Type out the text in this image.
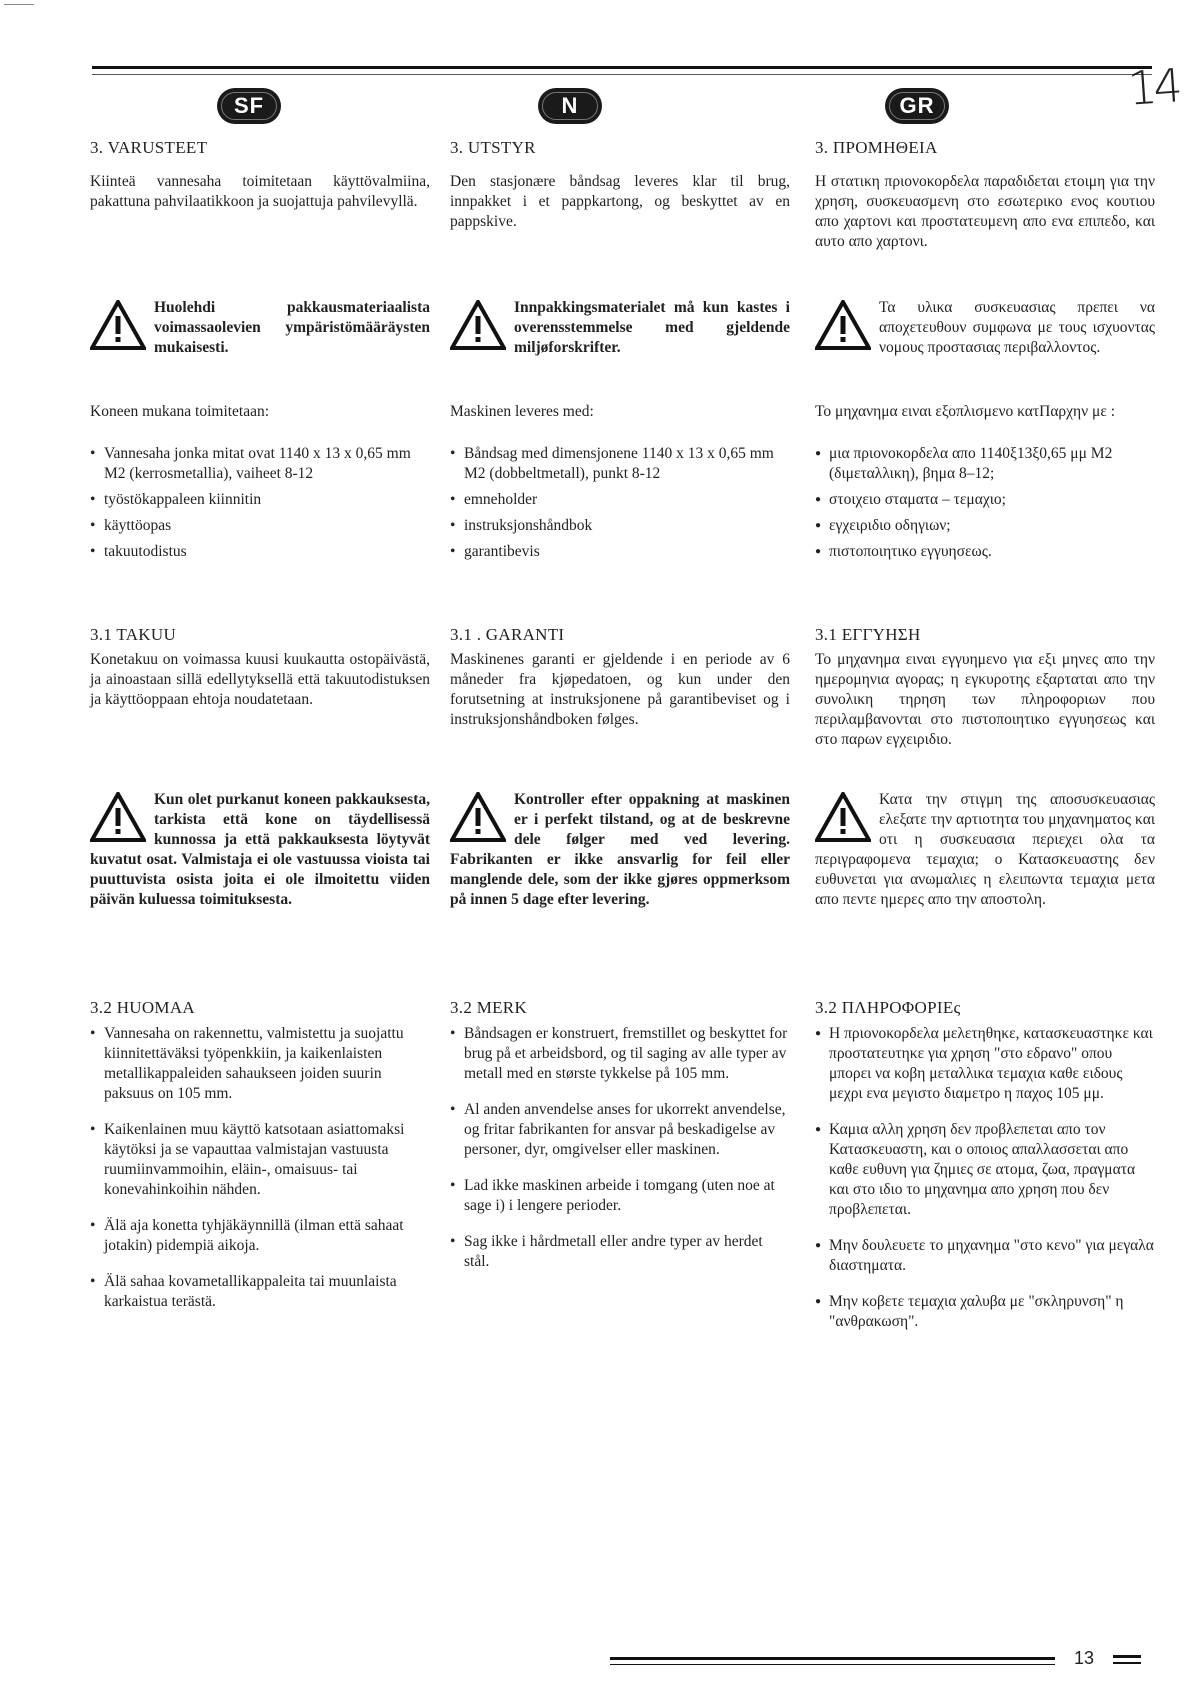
14
SF	N	GR
3. VARUSTEET

Kiinteä vannesaha toimitetaan käyttövalmiina, pakattuna pahvilaatikkoon ja suojattuja pahvilevyllä.

Huolehdi pakkausmateriaalista voimassaolevien ympäristömääräysten mukaisesti.

Koneen mukana toimitetaan:
• Vannesaha jonka mitat ovat 1140 x 13 x 0,65 mm M2 (kerrosmetallia), vaiheet 8-12
• työstökappaleen kiinnitin
• käyttöopas
• takuutodistus
3.1 TAKUU

Konetakuu on voimassa kuusi kuukautta ostopäivästä, ja ainoastaan sillä edellytyksellä että takuutodistuksen ja käyttöoppaan ehtoja noudatetaan.

Kun olet purkanut koneen pakkauksesta, tarkista että kone on täydellisessä kunnossa ja että pakkauksesta löytyvät kuvatut osat. Valmistaja ei ole vastuussa vioista tai puuttuvista osista joita ei ole ilmoitettu viiden päivän kuluessa toimituksesta.

3.2 HUOMAA
• Vannesaha on rakennettu, valmistettu ja suojattu kiinnitettäväksi työpenkkiin, ja kaikenlaisten metallikappaleiden sahaukseen joiden suurin paksuus on 105 mm.
• Kaikenlainen muu käyttö katsotaan asiattomaksi käytöksi ja se vapauttaa valmistajan vastuusta ruumiinvammoihin, eläin-, omaisuus- tai konevahinkoihin nähden.
• Älä aja konetta tyhjäkäynnillä (ilman että sahaat jotakin) pidempiä aikoja.
• Älä sahaa kovametallikappaleita tai muunlaista karkaistua terästä.
3. UTSTYR

Den stasjonære båndsag leveres klar til brug, innpakket i et pappkartong, og beskyttet av en pappskive.

Innpakkingsmaterialet må kun kastes i overensstemmelse med gjeldende miljøforskrifter.

Maskinen leveres med:
• Båndsag med dimensjonene 1140 x 13 x 0,65 mm M2 (dobbeltmetall), punkt 8-12
• emneholder
• instruksjonshåndbok
• garantibevis
3.1 . GARANTI

Maskinenes garanti er gjeldende i en periode av 6 måneder fra kjøpedatoen, og kun under den forutsetning at instruksjonene på garantibeviset og i instruksjonshåndboken følges.

Kontroller efter oppakning at maskinen er i perfekt tilstand, og at de beskrevne dele følger med ved levering. Fabrikanten er ikke ansvarlig for feil eller manglende dele, som der ikke gjøres oppmerksom på innen 5 dage efter levering.

3.2 MERK
• Båndsagen er konstruert, fremstillet og beskyttet for brug på et arbeidsbord, og til saging av alle typer av metall med en største tykkelse på 105 mm.
• Al anden anvendelse anses for ukorrekt anvendelse, og fritar fabrikanten for ansvar på beskadigelse av personer, dyr, omgivelser eller maskinen.
• Lad ikke maskinen arbeide i tomgang (uten noe at sage i) i lengere perioder.
• Sag ikke i hårdmetall eller andre typer av herdet stål.
3. ΠΡΟΜΗΘΕΙΑ

Η στατικη πριονοκορδελα παραδιδεται ετοιμη για την χρηση, συσκευασμενη στο εσωτερικο ενος κουτιου απο χαρτονι και προστατευμενη απο ενα επιπεδο, και αυτο απο χαρτονι.

Τα υλικα συσκευασιας πρεπει να αποχετευθουν συμφωνα με τους ισχυοντας νομους προστασιας περιβαλλοντος.

Το μηχανημα ειναι εξοπλισμενο κατΠαρχην με :
● μια πριονοκορδελα απο 1140ξ13ξ0,65 μμ M2 (διμεταλλικη), βημα 8–12;
● στοιχειο σταματα – τεμαχιο;
● εγχειριδιο οδηγιων;
● πιστοποιητικο εγγυησεως.
3.1 ΕΓΓΥΗΣΗ

Το μηχανημα ειναι εγγυημενο για εξι μηνες απο την ημερομηνια αγορας; η εγκυροτης εξαρταται απο την συνολικη τηρηση των πληροφοριων που περιλαμβανονται στο πιστοποιητικο εγγυησεως και στο παρων εγχειριδιο.

Κατα την στιγμη της αποσυσκευασιας ελεξατε την αρτιοτητα του μηχανηματος και οτι η συσκευασια περιεχει ολα τα περιγραφομενα τεμαχια; ο Κατασκευαστης δεν ευθυνεται για ανωμαλιες η ελειπωντα τεμαχια μετα απο πεντε ημερες απο την αποστολη.

3.2 ΠΛΗΡΟΦΟΡΙΕς
● Η πριονοκορδελα μελετηθηκε, κατασκευαστηκε και προστατευτηκε για χρηση "στο εδρανο" οπου μπορει να κοβη μεταλλικα τεμαχια καθε ειδους μεχρι ενα μεγιστο διαμετρο η παχος 105 μμ.
● Καμια αλλη χρηση δεν προβλεπεται απο τον Κατασκευαστη, και ο οποιος απαλλασσεται απο καθε ευθυνη για ζημιες σε ατομα, ζωα, πραγματα και στο ιδιο το μηχανημα απο χρηση που δεν προβλεπεται.
● Μην δουλευετε το μηχανημα "στο κενο" για μεγαλα διαστηματα.
● Μην κοβετε τεμαχια χαλυβα με "σκληρυνση" η "ανθρακωση".
13
